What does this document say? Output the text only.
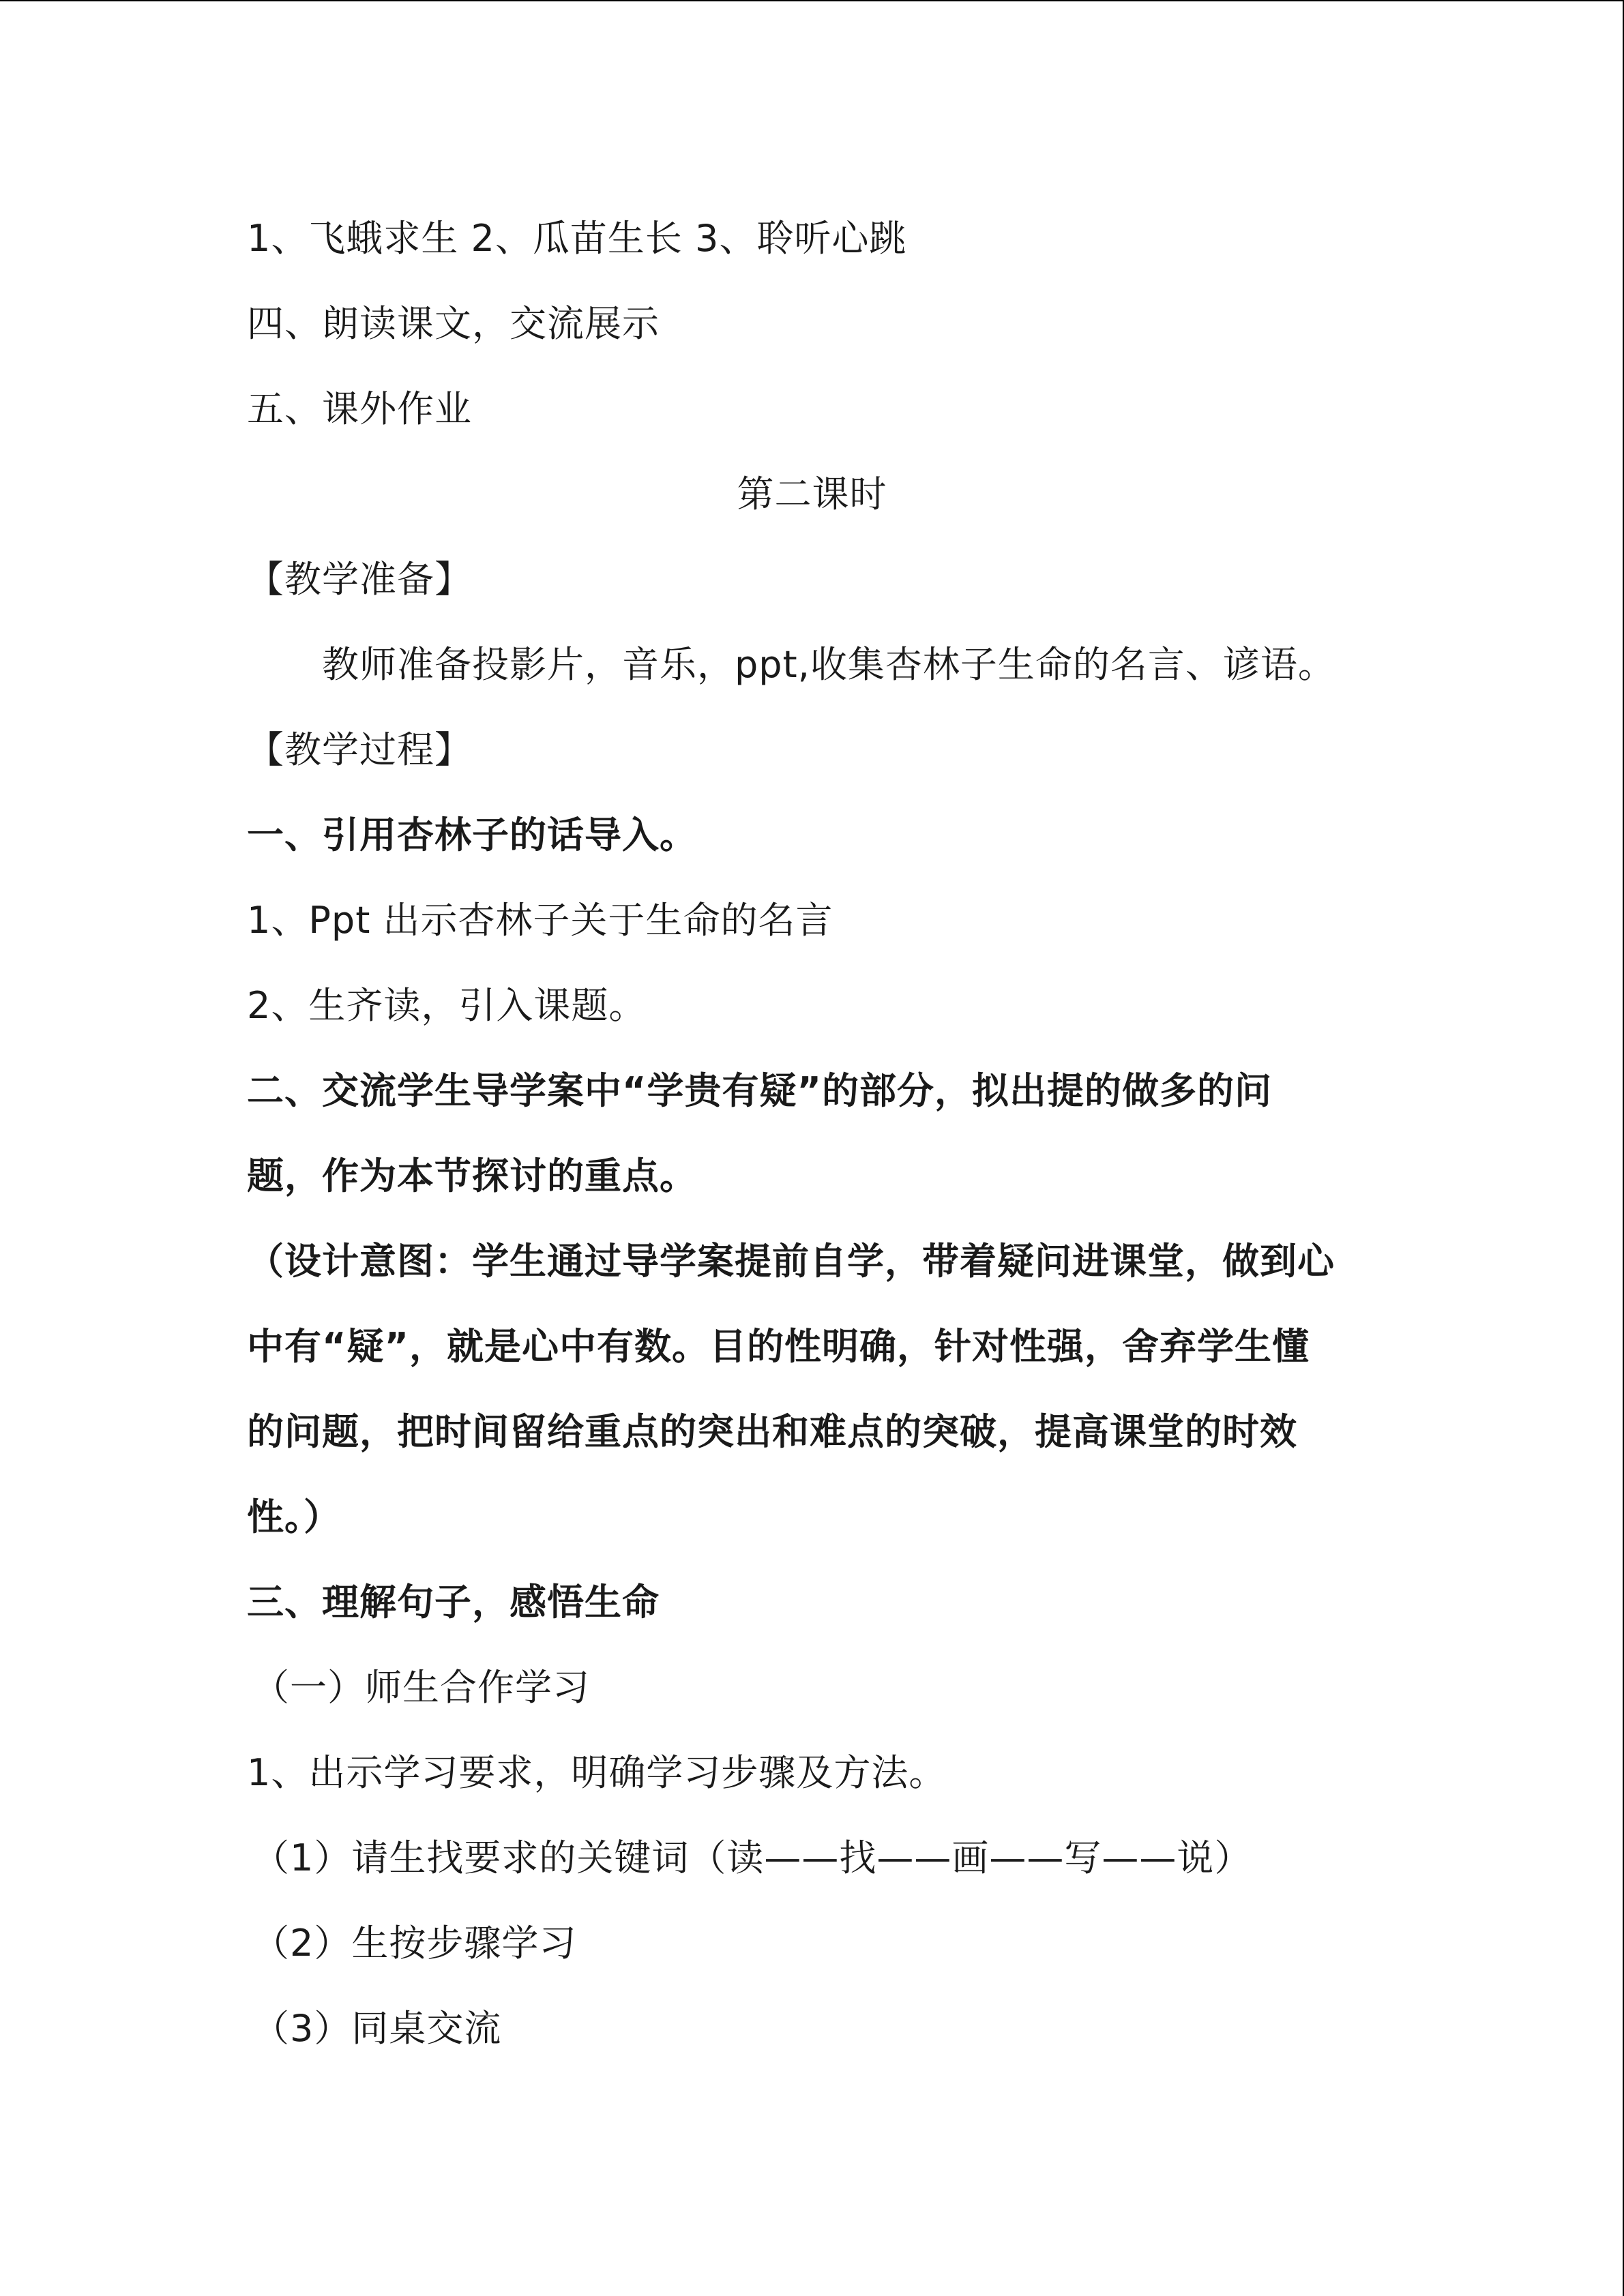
1、飞蛾求生 2、瓜苗生长 3、聆听心跳
四、朗读课文，交流展示
五、课外作业
第二课时
【教学准备】
教师准备投影片，音乐，ppt,收集杏林子生命的名言、谚语。
【教学过程】
一、引用杏林子的话导入。
1、Ppt 出示杏林子关于生命的名言
2、生齐读，引入课题。
二、交流学生导学案中“学贵有疑”的部分，拟出提的做多的问
题，作为本节探讨的重点。
（设计意图：学生通过导学案提前自学，带着疑问进课堂，做到心
中有“疑”，就是心中有数。目的性明确，针对性强，舍弃学生懂
的问题，把时间留给重点的突出和难点的突破，提高课堂的时效
性。）
三、理解句子，感悟生命
（一）师生合作学习
1、出示学习要求，明确学习步骤及方法。
（1）请生找要求的关键词（读——找——画——写——说）
（2）生按步骤学习
（3）同桌交流
